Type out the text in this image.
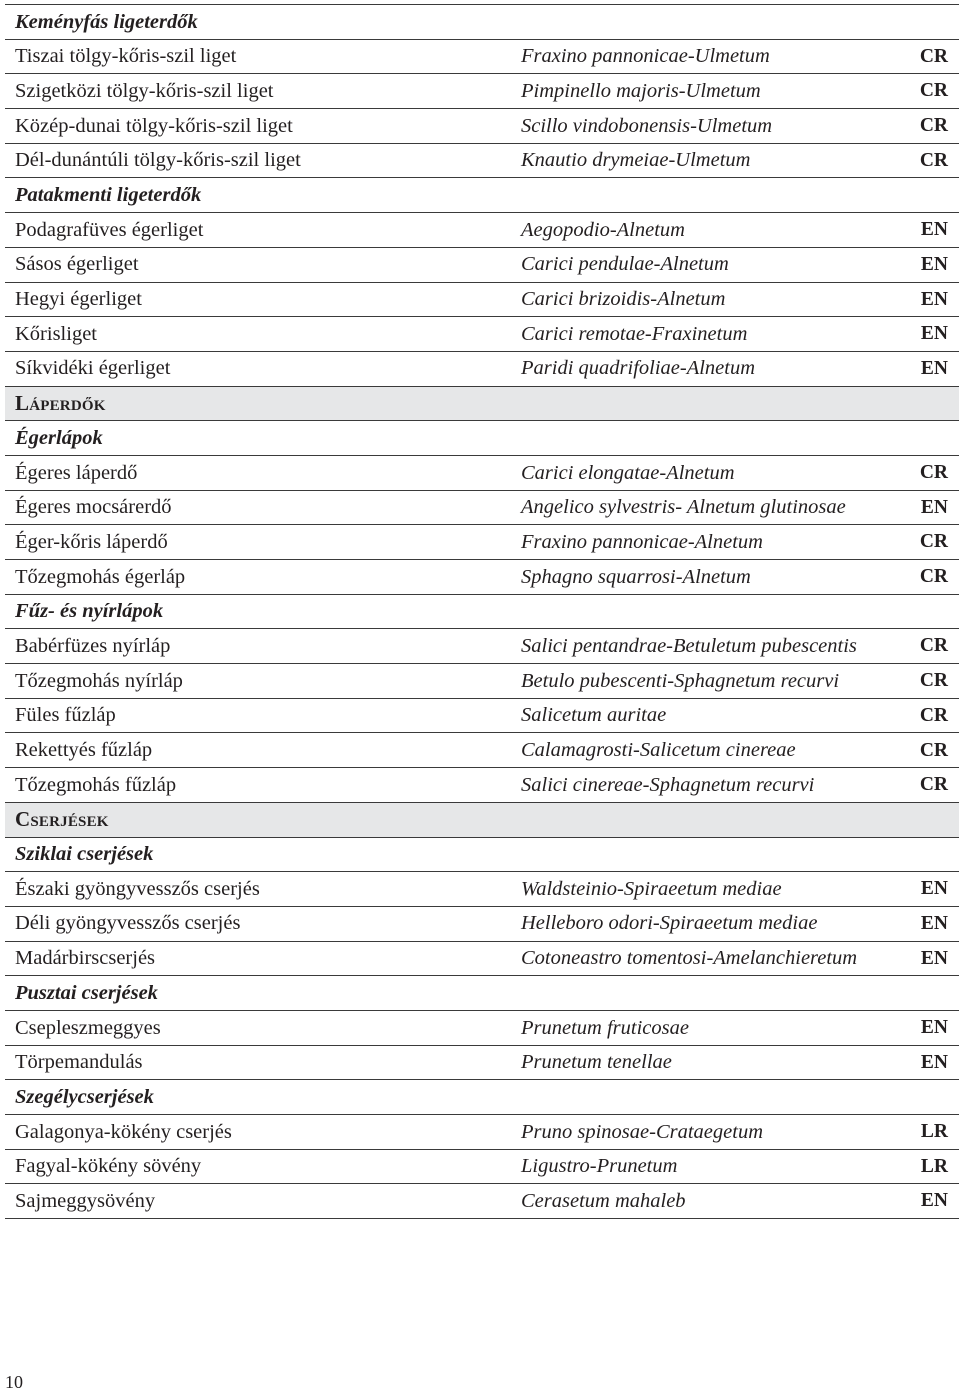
Keményfás ligeterdők
Tiszai tölgy-kőris-szil liget	Fraxino pannonicae-Ulmetum	CR
Szigetközi tölgy-kőris-szil liget	Pimpinello majoris-Ulmetum	CR
Közép-dunai tölgy-kőris-szil liget	Scillo vindobonensis-Ulmetum	CR
Dél-dunántúli tölgy-kőris-szil liget	Knautio drymeiae-Ulmetum	CR
Patakmenti ligeterdők
Podagrafüves égerliget	Aegopodio-Alnetum	EN
Sásos égerliget	Carici pendulae-Alnetum	EN
Hegyi égerliget	Carici brizoidis-Alnetum	EN
Kőrisliget	Carici remotae-Fraxinetum	EN
Síkvidéki égerliget	Paridi quadrifoliae-Alnetum	EN
Láperdők
Égerlápok
Égeres láperdő	Carici elongatae-Alnetum	CR
Égeres mocsárerdő	Angelico sylvestris- Alnetum glutinosae	EN
Éger-kőris láperdő	Fraxino pannonicae-Alnetum	CR
Tőzegmohás égerláp	Sphagno squarrosi-Alnetum	CR
Fűz- és nyírlápok
Babérfüzes nyírláp	Salici pentandrae-Betuletum pubescentis	CR
Tőzegmohás nyírláp	Betulo pubescenti-Sphagnetum recurvi	CR
Füles fűzláp	Salicetum auritae	CR
Rekettyés fűzláp	Calamagrosti-Salicetum cinereae	CR
Tőzegmohás fűzláp	Salici cinereae-Sphagnetum recurvi	CR
Cserjések
Sziklai cserjések
Északi gyöngyvesszős cserjés	Waldsteinio-Spiraeetum mediae	EN
Déli gyöngyvesszős cserjés	Helleboro odori-Spiraeetum mediae	EN
Madárbirscserjés	Cotoneastro tomentosi-Amelanchieretum	EN
Pusztai cserjések
Csepleszmeggyes	Prunetum fruticosae	EN
Törpemandulás	Prunetum tenellae	EN
Szegélycserjések
Galagonya-kökény cserjés	Pruno spinosae-Crataegetum	LR
Fagyal-kökény sövény	Ligustro-Prunetum	LR
Sajmeggysövény	Cerasetum mahaleb	EN
10
